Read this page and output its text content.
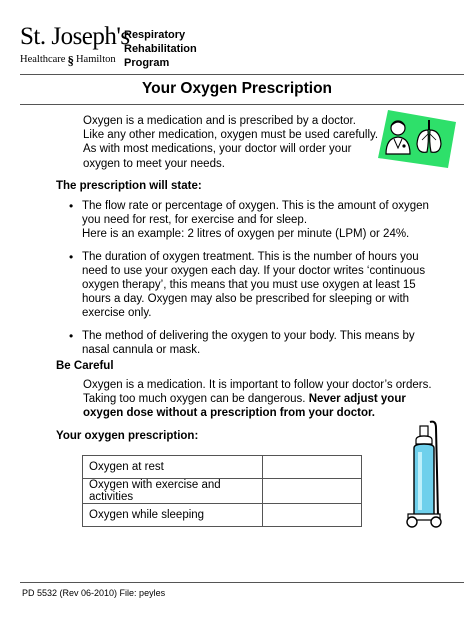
St. Joseph's
Healthcare § Hamilton
Respiratory
Rehabilitation
Program
Your Oxygen Prescription
Oxygen is a medication and is prescribed by a doctor.
Like any other medication, oxygen must be used carefully.
As with most medications, your doctor will order your
oxygen to meet your needs.
The prescription will state:
• The flow rate or percentage of oxygen. This is the amount of oxygen
you need for rest, for exercise and for sleep.
Here is an example: 2 litres of oxygen per minute (LPM) or 24%.
• The duration of oxygen treatment. This is the number of hours you
need to use your oxygen each day. If your doctor writes ‘continuous
oxygen therapy’, this means that you must use oxygen at least 15
hours a day. Oxygen may also be prescribed for sleeping or with
exercise only.
• The method of delivering the oxygen to your body. This means by
nasal cannula or mask.
Be Careful
Oxygen is a medication. It is important to follow your doctor’s orders.
Taking too much oxygen can be dangerous. Never adjust your
oxygen dose without a prescription from your doctor.
Your oxygen prescription:
Oxygen at rest	
Oxygen with exercise and activities	
Oxygen while sleeping	
PD 5532 (Rev 06-2010) File: peyles
